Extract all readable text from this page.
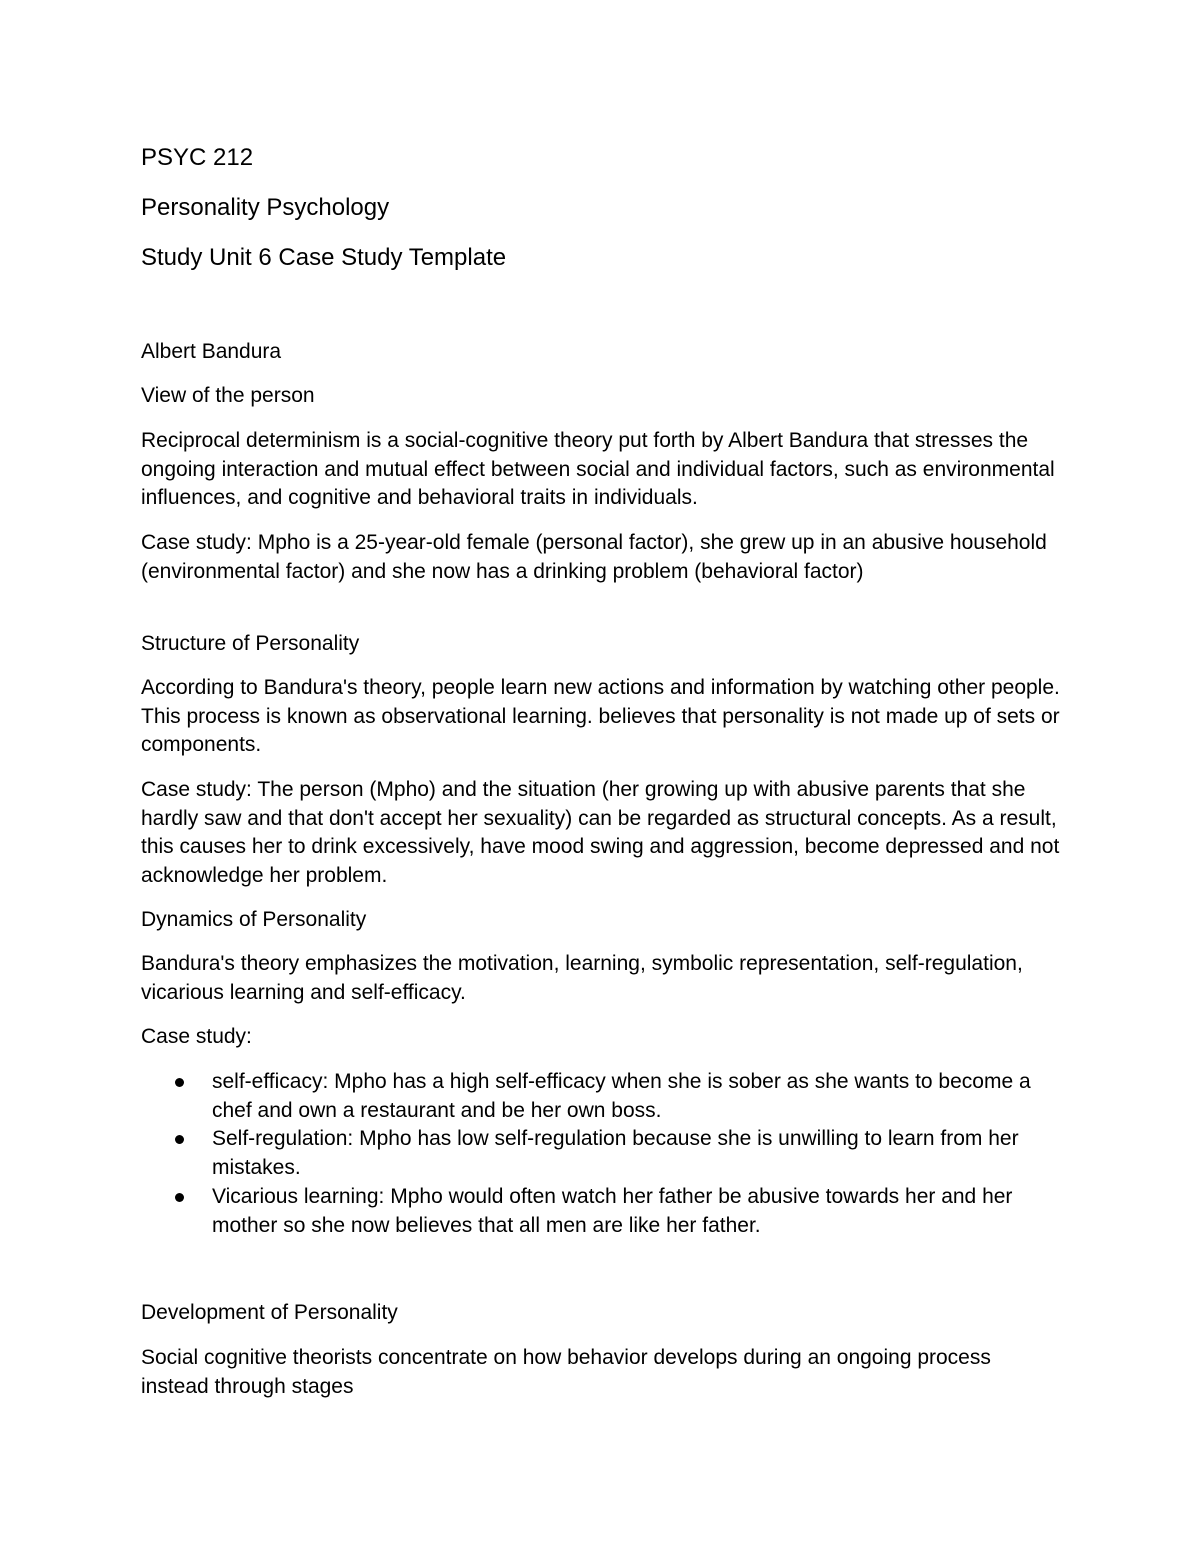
PSYC 212
Personality Psychology
Study Unit 6 Case Study Template
Albert Bandura
View of the person
Reciprocal determinism is a social-cognitive theory put forth by Albert Bandura that stresses the ongoing interaction and mutual effect between social and individual factors, such as environmental influences, and cognitive and behavioral traits in individuals.
Case study: Mpho is a 25-year-old female (personal factor), she grew up in an abusive household (environmental factor) and she now has a drinking problem (behavioral factor)
Structure of Personality
According to Bandura's theory, people learn new actions and information by watching other people. This process is known as observational learning. believes that personality is not made up of sets or components.
Case study: The person (Mpho) and the situation (her growing up with abusive parents that she hardly saw and that don't accept her sexuality) can be regarded as structural concepts. As a result, this causes her to drink excessively, have mood swing and aggression, become depressed and not acknowledge her problem.
Dynamics of Personality
Bandura's theory emphasizes the motivation, learning, symbolic representation, self-regulation, vicarious learning and self-efficacy.
Case study:
self-efficacy: Mpho has a high self-efficacy when she is sober as she wants to become a chef and own a restaurant and be her own boss.
Self-regulation: Mpho has low self-regulation because she is unwilling to learn from her mistakes.
Vicarious learning: Mpho would often watch her father be abusive towards her and her mother so she now believes that all men are like her father.
Development of Personality
Social cognitive theorists concentrate on how behavior develops during an ongoing process instead through stages
